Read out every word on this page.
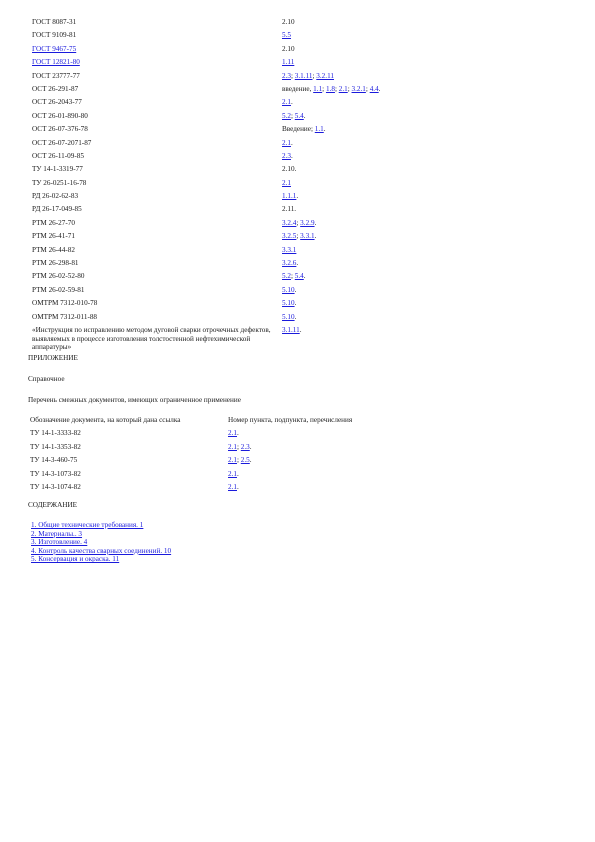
ГОСТ 8087-31	2.10
ГОСТ 9109-81	5.5
ГОСТ 9467-75	2.10
ГОСТ 12821-80	1.11
ГОСТ 23777-77	2.3; 3.1.11; 3.2.11
ОСТ 26-291-87	введение, 1.1; 1.8; 2.1; 3.2.1; 4.4.
ОСТ 26-2043-77	2.1.
ОСТ 26-01-890-80	5.2; 5.4.
ОСТ 26-07-376-78	Введение; 1.1.
ОСТ 26-07-2071-87	2.1.
ОСТ 26-11-09-85	2.3.
ТУ 14-1-3319-77	2.10.
ТУ 26-0251-16-78	2.1
РД 26-02-62-83	1.1.1.
РД 26-17-049-85	2.11.
РТМ 26-27-70	3.2.4; 3.2.9.
РТМ 26-41-71	3.2.5; 3.3.1.
РТМ 26-44-82	3.3.1
РТМ 26-298-81	3.2.6.
РТМ 26-02-52-80	5.2; 5.4.
РТМ 26-02-59-81	5.10.
ОМТРМ 7312-010-78	5.10.
ОМТРМ 7312-011-88	5.10.
«Инструкция по исправлению методом дуговой сварки отрочечных дефектов, выявляемых в процессе изготовления толстостенной нефтехимической аппаратуры»	3.1.11.
ПРИЛОЖЕНИЕ
Справочное
Перечень смежных документов, имеющих ограниченное применение
Обозначение документа, на который дана ссылка	Номер пункта, подпункта, перечисления
ТУ 14-1-3333-82	2.1.
ТУ 14-1-3353-82	2.1; 2.3.
ТУ 14-3-460-75	2.1; 2.5.
ТУ 14-3-1073-82	2.1.
ТУ 14-3-1074-82	2.1.
СОДЕРЖАНИЕ
1. Общие технические требования. 1
2. Материалы.. 3
3. Изготовление. 4
4. Контроль качества сварных соединений. 10
5. Консервация и окраска. 11
